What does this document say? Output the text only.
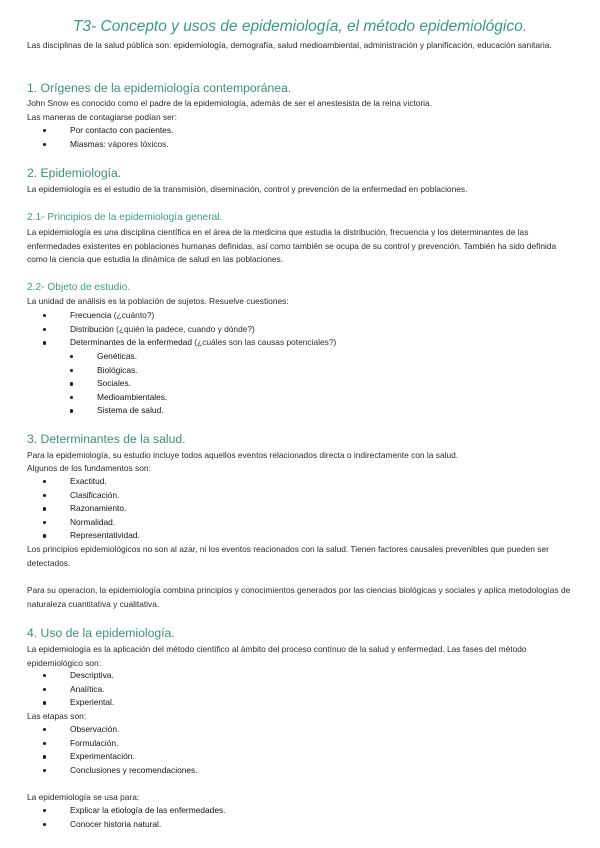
T3- Concepto y usos de epidemiología, el método epidemiológico.
Las disciplinas de la salud pública son: epidemiología, demografía, salud medioambiental, administración y planificación, educación sanitaria.
1. Orígenes de la epidemiología contemporánea.
John Snow es conocido como el padre de la epidemiología, además de ser el anestesista de la reina victoria.
Las maneras de contagiarse podían ser:
Por contacto con pacientes.
Miasmas: vápores tóxicos.
2. Epidemiología.
La epidemiología es el estudio de la transmisión, diseminación, control y prevención de la enfermedad en poblaciones.
2.1- Principios de la epidemiología general.
La epidemiología es una disciplina científica en el área de la medicina que estudia la distribución, frecuencia y los determinantes de las enfermedades existentes en poblaciones humanas definidas, así como también se ocupa de su control y prevención. También ha sido definida como la ciencia que estudia la dinámica de salud en las poblaciones.
2.2- Objeto de estudio.
La unidad de análisis es la población de sujetos. Resuelve cuestiones:
Frecuencia (¿cuánto?)
Distribución (¿quién la padece, cuando y dónde?)
Determinantes de la enfermedad (¿cuáles son las causas potenciales?)
Genéticas.
Biológicas.
Sociales.
Medioambientales.
Sistema de salud.
3. Determinantes de la salud.
Para la epidemiología, su estudio incluye todos aquellos eventos relacionados directa o indirectamente con la salud.
Algunos de los fundamentos son:
Exactitud.
Clasificación.
Razonamiento.
Normalidad.
Representatividad.
Los principios epidemiológicos no son al azar, ni los eventos reacionados con la salud. Tienen factores causales prevenibles que pueden ser detectados.
Para su operacion, la epidemiología combina principios y conocimientos generados por las ciencias biológicas y sociales y aplica metodologías de naturaleza cuantitativa y cualitativa.
4. Uso de la epidemiología.
La epidemiología es la aplicación del método científico al ámbito del proceso contínuo de la salud y enfermedad. Las fases del método epidemiológico son:
Descriptiva.
Analítica.
Experiental.
Las etapas son:
Observación.
Formulación.
Experimentación.
Conclusiones y recomendaciones.
La epidemiología se usa para:
Explicar la etiología de las enfermedades.
Conocer historia natural.
